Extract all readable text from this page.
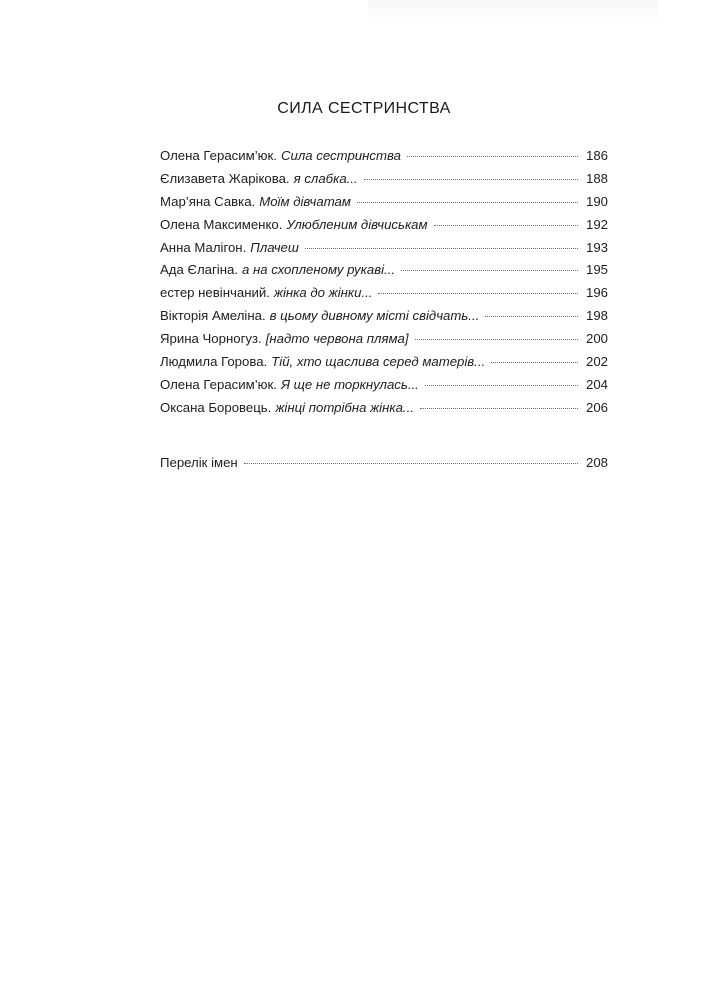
СИЛА СЕСТРИНСТВА
Олена Герасим’юк. Сила сестринства	186
Єлизавета Жарікова. я слабка...	188
Мар’яна Савка. Моїм дівчатам	190
Олена Максименко. Улюбленим дівчиськам	192
Анна Малігон. Плачеш	193
Ада Єлагіна. а на схопленому рукаві...	195
естер невінчаний. жінка до жінки...	196
Вікторія Амеліна. в цьому дивному місті свідчать...	198
Ярина Чорногуз. [надто червона пляма]	200
Людмила Горова. Тій, хто щаслива серед матерів...	202
Олена Герасим’юк. Я ще не торкнулась...	204
Оксана Боровець. жінці потрібна жінка...	206
Перелік імен	208
